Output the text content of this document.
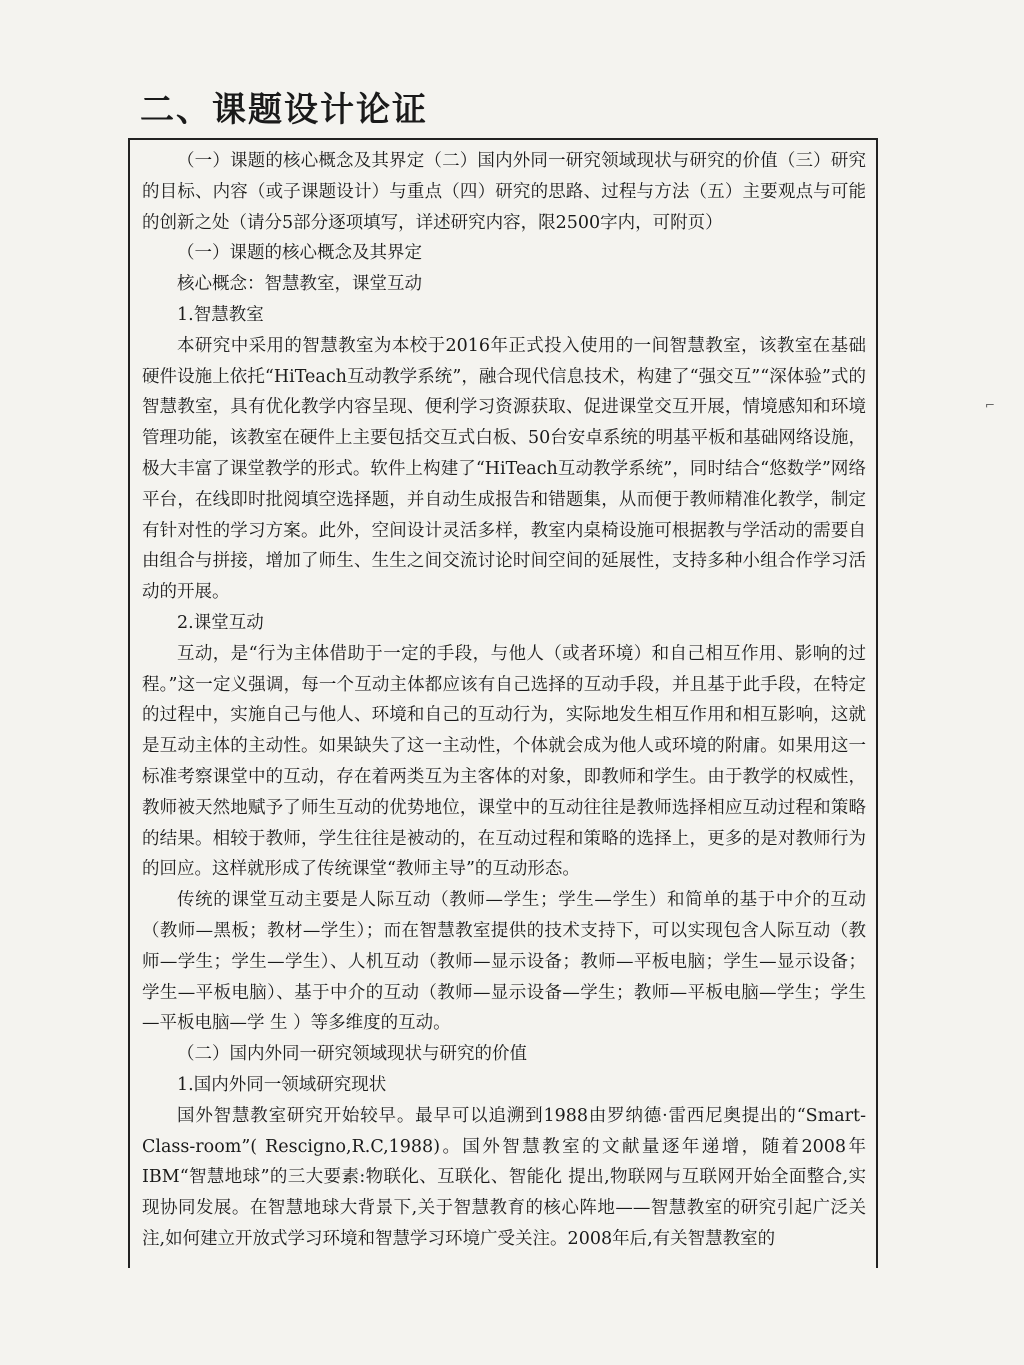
二、课题设计论证

（一）课题的核心概念及其界定（二）国内外同一研究领域现状与研究的价值（三）研究的目标、内容（或子课题设计）与重点（四）研究的思路、过程与方法（五）主要观点与可能的创新之处（请分5部分逐项填写，详述研究内容，限2500字内，可附页）

（一）课题的核心概念及其界定

核心概念：智慧教室，课堂互动

1.智慧教室

本研究中采用的智慧教室为本校于2016年正式投入使用的一间智慧教室，该教室在基础硬件设施上依托“HiTeach互动教学系统”，融合现代信息技术，构建了“强交互”“深体验”式的智慧教室，具有优化教学内容呈现、便利学习资源获取、促进课堂交互开展，情境感知和环境管理功能，该教室在硬件上主要包括交互式白板、50台安卓系统的明基平板和基础网络设施，极大丰富了课堂教学的形式。软件上构建了“HiTeach互动教学系统”，同时结合“悠数学”网络平台，在线即时批阅填空选择题，并自动生成报告和错题集，从而便于教师精准化教学，制定有针对性的学习方案。此外，空间设计灵活多样，教室内桌椅设施可根据教与学活动的需要自由组合与拼接，增加了师生、生生之间交流讨论时间空间的延展性，支持多种小组合作学习活动的开展。

2.课堂互动

互动，是“行为主体借助于一定的手段，与他人（或者环境）和自己相互作用、影响的过程。”这一定义强调，每一个互动主体都应该有自己选择的互动手段，并且基于此手段，在特定的过程中，实施自己与他人、环境和自己的互动行为，实际地发生相互作用和相互影响，这就是互动主体的主动性。如果缺失了这一主动性，个体就会成为他人或环境的附庸。如果用这一标准考察课堂中的互动，存在着两类互为主客体的对象，即教师和学生。由于教学的权威性，教师被天然地赋予了师生互动的优势地位，课堂中的互动往往是教师选择相应互动过程和策略的结果。相较于教师，学生往往是被动的，在互动过程和策略的选择上，更多的是对教师行为的回应。这样就形成了传统课堂“教师主导”的互动形态。

传统的课堂互动主要是人际互动（教师—学生；学生—学生）和简单的基于中介的互动（教师—黑板；教材—学生）；而在智慧教室提供的技术支持下，可以实现包含人际互动（教师—学生；学生—学生）、人机互动（教师—显示设备；教师—平板电脑；学生—显示设备；学生—平板电脑）、基于中介的互动（教师—显示设备—学生；教师—平板电脑—学生；学生—平板电脑—学 生 ）等多维度的互动。

（二）国内外同一研究领域现状与研究的价值

1.国内外同一领域研究现状

国外智慧教室研究开始较早。最早可以追溯到1988由罗纳德·雷西尼奥提出的“Smart-Class-room”( Rescigno,R.C,1988)。国外智慧教室的文献量逐年递增，随着2008年IBM“智慧地球”的三大要素:物联化、互联化、智能化 提出,物联网与互联网开始全面整合,实现协同发展。在智慧地球大背景下,关于智慧教育的核心阵地——智慧教室的研究引起广泛关注,如何建立开放式学习环境和智慧学习环境广受关注。2008年后,有关智慧教室的

⌐
